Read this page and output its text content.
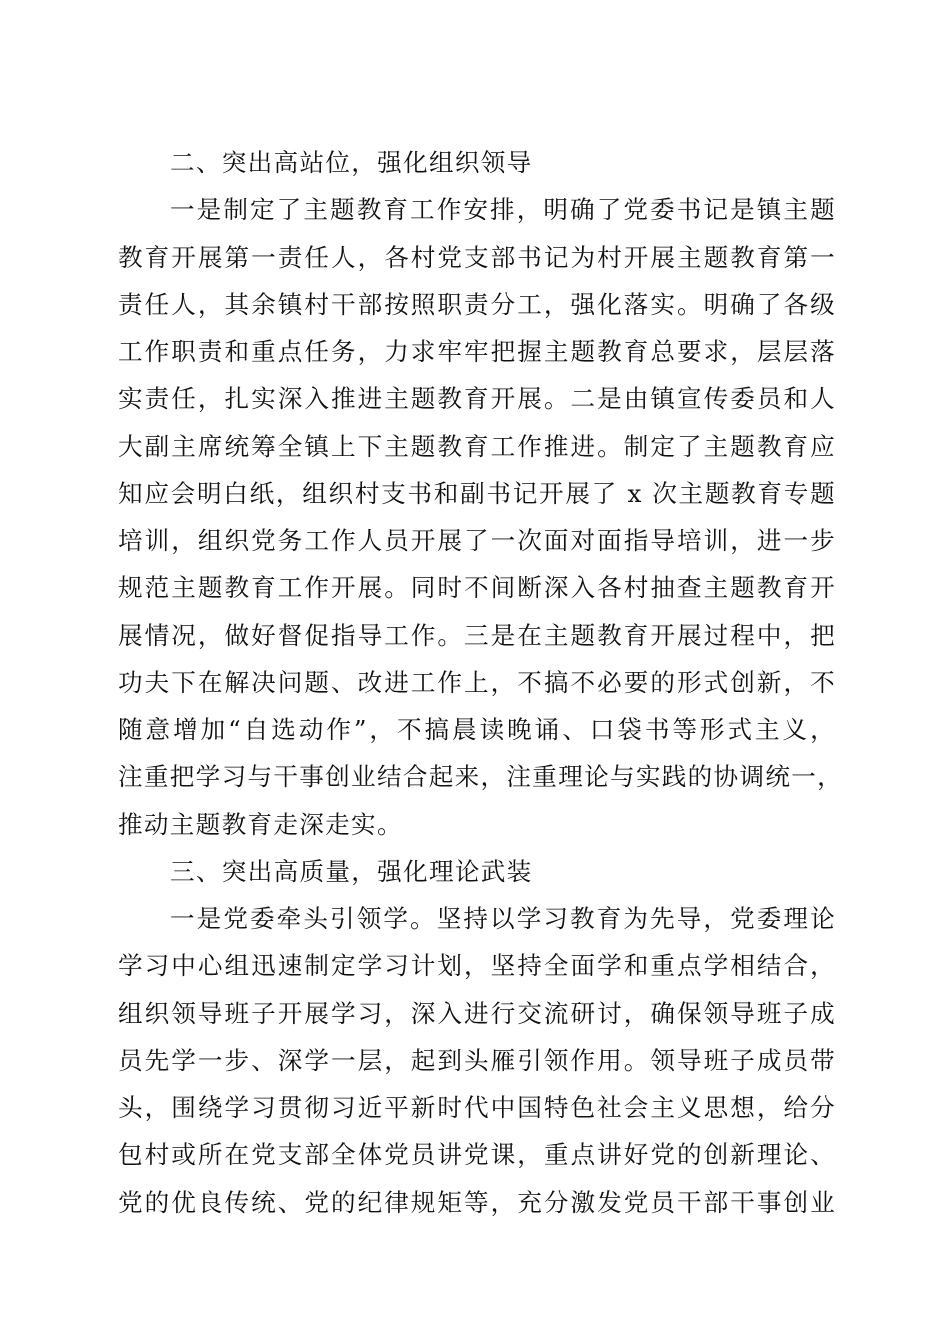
二、突出高站位，强化组织领导
一是制定了主题教育工作安排，明确了党委书记是镇主题
教育开展第一责任人，各村党支部书记为村开展主题教育第一
责任人，其余镇村干部按照职责分工，强化落实。明确了各级
工作职责和重点任务，力求牢牢把握主题教育总要求，层层落
实责任，扎实深入推进主题教育开展。二是由镇宣传委员和人
大副主席统筹全镇上下主题教育工作推进。制定了主题教育应
知应会明白纸，组织村支书和副书记开展了 x 次主题教育专题
培训，组织党务工作人员开展了一次面对面指导培训，进一步
规范主题教育工作开展。同时不间断深入各村抽查主题教育开
展情况，做好督促指导工作。三是在主题教育开展过程中，把
功夫下在解决问题、改进工作上，不搞不必要的形式创新，不
随意增加“自选动作”，不搞晨读晚诵、口袋书等形式主义，
注重把学习与干事创业结合起来，注重理论与实践的协调统一，
推动主题教育走深走实。
三、突出高质量，强化理论武装
一是党委牵头引领学。坚持以学习教育为先导，党委理论
学习中心组迅速制定学习计划，坚持全面学和重点学相结合，
组织领导班子开展学习，深入进行交流研讨，确保领导班子成
员先学一步、深学一层，起到头雁引领作用。领导班子成员带
头，围绕学习贯彻习近平新时代中国特色社会主义思想，给分
包村或所在党支部全体党员讲党课，重点讲好党的创新理论、
党的优良传统、党的纪律规矩等，充分激发党员干部干事创业
